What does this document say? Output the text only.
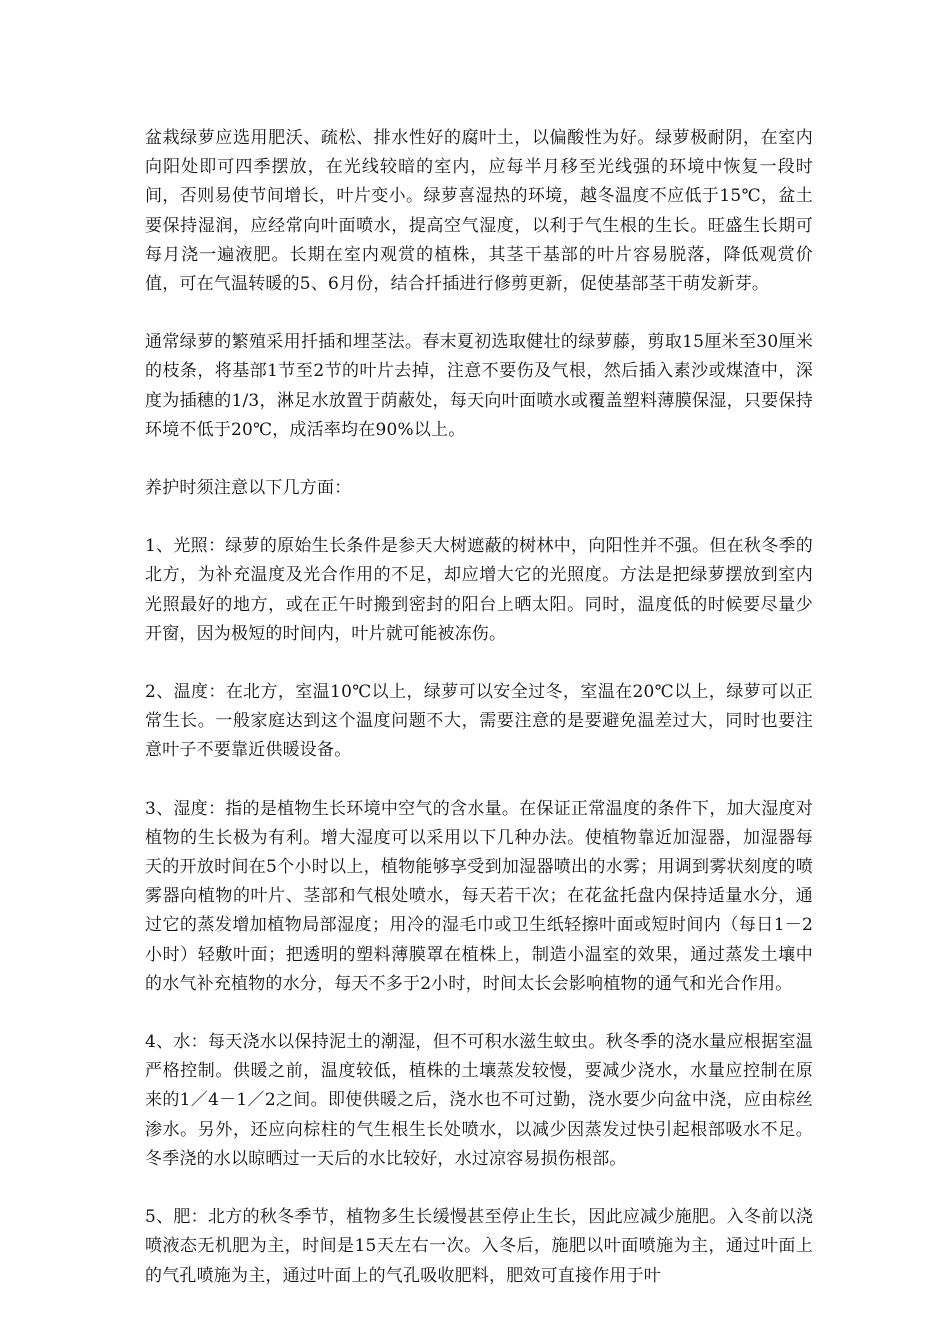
盆栽绿萝应选用肥沃、疏松、排水性好的腐叶土，以偏酸性为好。绿萝极耐阴，在室内向阳处即可四季摆放，在光线较暗的室内，应每半月移至光线强的环境中恢复一段时间，否则易使节间增长，叶片变小。绿萝喜湿热的环境，越冬温度不应低于15℃，盆土要保持湿润，应经常向叶面喷水，提高空气湿度，以利于气生根的生长。旺盛生长期可每月浇一遍液肥。长期在室内观赏的植株，其茎干基部的叶片容易脱落，降低观赏价值，可在气温转暖的5、6月份，结合扦插进行修剪更新，促使基部茎干萌发新芽。

通常绿萝的繁殖采用扦插和埋茎法。春末夏初选取健壮的绿萝藤，剪取15厘米至30厘米的枝条，将基部1节至2节的叶片去掉，注意不要伤及气根，然后插入素沙或煤渣中，深度为插穗的1/3，淋足水放置于荫蔽处，每天向叶面喷水或覆盖塑料薄膜保湿，只要保持环境不低于20℃，成活率均在90%以上。

养护时须注意以下几方面：

1、光照：绿萝的原始生长条件是参天大树遮蔽的树林中，向阳性并不强。但在秋冬季的北方，为补充温度及光合作用的不足，却应增大它的光照度。方法是把绿萝摆放到室内光照最好的地方，或在正午时搬到密封的阳台上晒太阳。同时，温度低的时候要尽量少开窗，因为极短的时间内，叶片就可能被冻伤。

2、温度：在北方，室温10℃以上，绿萝可以安全过冬，室温在20℃以上，绿萝可以正常生长。一般家庭达到这个温度问题不大，需要注意的是要避免温差过大，同时也要注意叶子不要靠近供暖设备。

3、湿度：指的是植物生长环境中空气的含水量。在保证正常温度的条件下，加大湿度对植物的生长极为有利。增大湿度可以采用以下几种办法。使植物靠近加湿器，加湿器每天的开放时间在5个小时以上，植物能够享受到加湿器喷出的水雾；用调到雾状刻度的喷雾器向植物的叶片、茎部和气根处喷水，每天若干次；在花盆托盘内保持适量水分，通过它的蒸发增加植物局部湿度；用冷的湿毛巾或卫生纸轻擦叶面或短时间内（每日1－2小时）轻敷叶面；把透明的塑料薄膜罩在植株上，制造小温室的效果，通过蒸发土壤中的水气补充植物的水分，每天不多于2小时，时间太长会影响植物的通气和光合作用。

4、水：每天浇水以保持泥土的潮湿，但不可积水滋生蚊虫。秋冬季的浇水量应根据室温严格控制。供暖之前，温度较低，植株的土壤蒸发较慢，要减少浇水，水量应控制在原来的1／4－1／2之间。即使供暖之后，浇水也不可过勤，浇水要少向盆中浇，应由棕丝渗水。另外，还应向棕柱的气生根生长处喷水，以减少因蒸发过快引起根部吸水不足。冬季浇的水以晾晒过一天后的水比较好，水过凉容易损伤根部。

5、肥：北方的秋冬季节，植物多生长缓慢甚至停止生长，因此应减少施肥。入冬前以浇喷液态无机肥为主，时间是15天左右一次。入冬后，施肥以叶面喷施为主，通过叶面上的气孔喷施为主，通过叶面上的气孔吸收肥料，肥效可直接作用于叶
